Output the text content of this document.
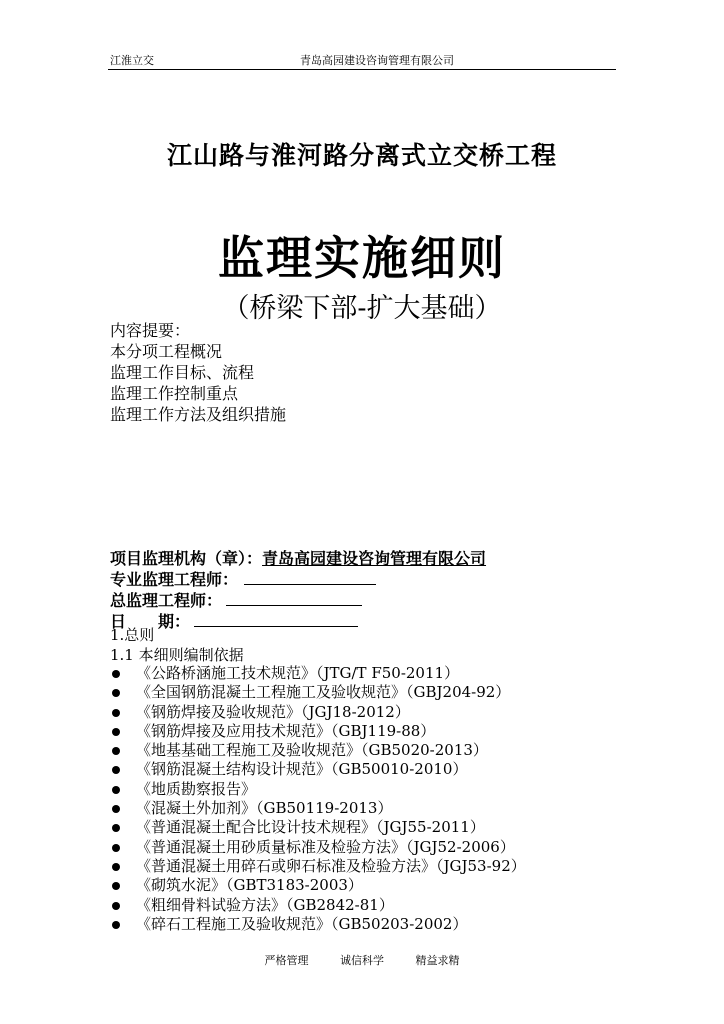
江淮立交	青岛高园建设咨询管理有限公司
江山路与淮河路分离式立交桥工程
监理实施细则
（桥梁下部-扩大基础）
内容提要：
本分项工程概况
监理工作目标、流程
监理工作控制重点
监理工作方法及组织措施
项目监理机构（章）：青岛高园建设咨询管理有限公司
专业监理工程师：
总监理工程师：
日　　期：
1.总则
1.1 本细则编制依据
《公路桥涵施工技术规范》（JTG/T F50-2011）
《全国钢筋混凝土工程施工及验收规范》（GBJ204-92）
《钢筋焊接及验收规范》（JGJ18-2012）
《钢筋焊接及应用技术规范》（GBJ119-88）
《地基基础工程施工及验收规范》（GB5020-2013）
《钢筋混凝土结构设计规范》（GB50010-2010）
《地质勘察报告》
《混凝土外加剂》（GB50119-2013）
《普通混凝土配合比设计技术规程》（JGJ55-2011）
《普通混凝土用砂质量标准及检验方法》（JGJ52-2006）
《普通混凝土用碎石或卵石标准及检验方法》（JGJ53-92）
《砌筑水泥》（GBT3183-2003）
《粗细骨料试验方法》（GB2842-81）
《碎石工程施工及验收规范》（GB50203-2002）
严格管理	诚信科学	精益求精
